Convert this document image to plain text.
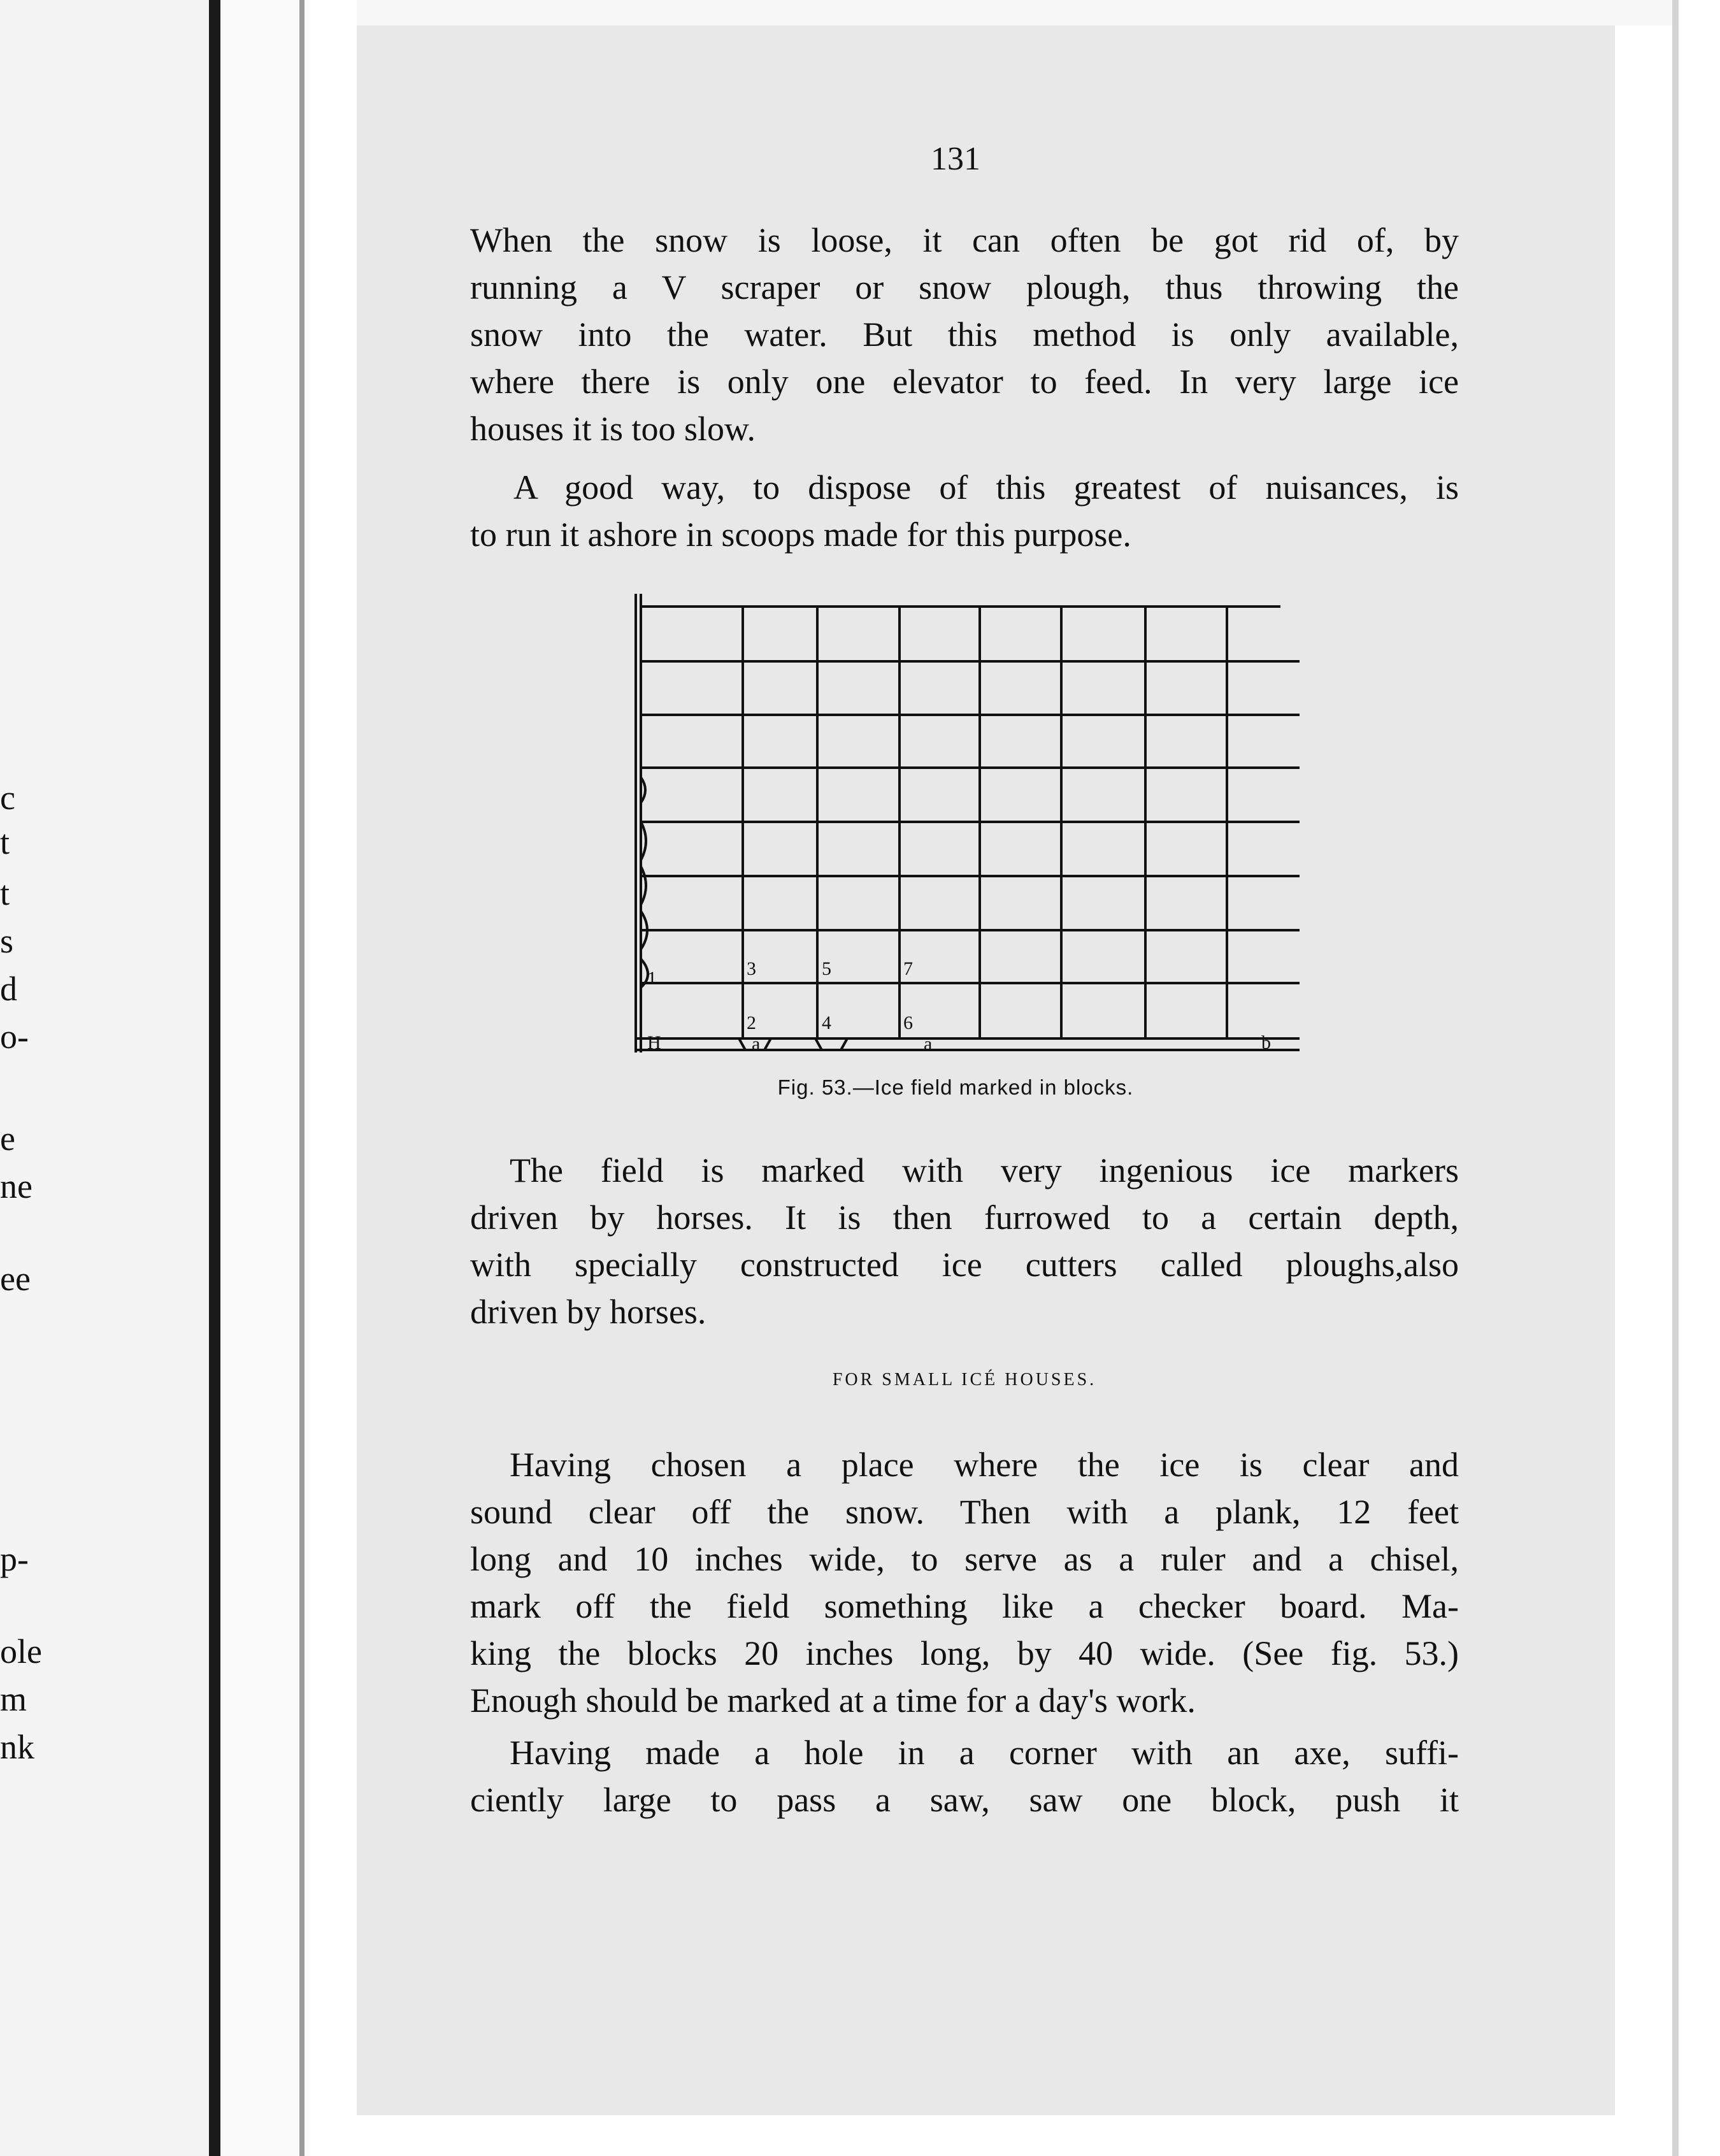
c
t
t
s
d
o-
e
ne
ee
p-
ole
m
nk
131

When the snow is loose, it can often be got rid of, by
running a V scraper or snow plough, thus throwing the
snow into the water. But this method is only available,
where there is only one elevator to feed. In very large ice
houses it is too slow.

A good way, to dispose of this greatest of nuisances, is
to run it ashore in scoops made for this purpose.

1	3	5	7
2	4	6
H	a	a	b
Fig. 53.—Ice field marked in blocks.

The field is marked with very ingenious ice markers
driven by horses. It is then furrowed to a certain depth,
with specially constructed ice cutters called ploughs,also
driven by horses.

FOR SMALL ICÉ HOUSES.

Having chosen a place where the ice is clear and
sound clear off the snow. Then with a plank, 12 feet
long and 10 inches wide, to serve as a ruler and a chisel,
mark off the field something like a checker board. Ma-
king the blocks 20 inches long, by 40 wide. (See fig. 53.)
Enough should be marked at a time for a day's work.

Having made a hole in a corner with an axe, suffi-
ciently large to pass a saw, saw one block, push it
